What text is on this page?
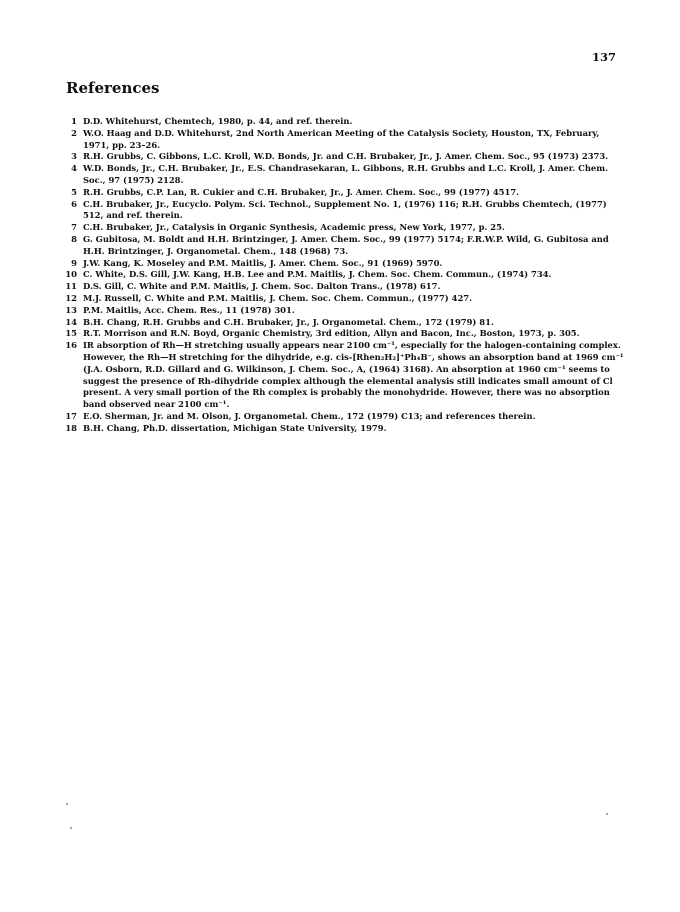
137
References
1 D.D. Whitehurst, Chemtech, 1980, p. 44, and ref. therein.
2 W.O. Haag and D.D. Whitehurst, 2nd North American Meeting of the Catalysis Society, Houston, TX, February, 1971, pp. 23–26.
3 R.H. Grubbs, C. Gibbons, L.C. Kroll, W.D. Bonds, Jr. and C.H. Brubaker, Jr., J. Amer. Chem. Soc., 95 (1973) 2373.
4 W.D. Bonds, Jr., C.H. Brubaker, Jr., E.S. Chandrasekaran, L. Gibbons, R.H. Grubbs and L.C. Kroll, J. Amer. Chem. Soc., 97 (1975) 2128.
5 R.H. Grubbs, C.P. Lan, R. Cukier and C.H. Brubaker, Jr., J. Amer. Chem. Soc., 99 (1977) 4517.
6 C.H. Brubaker, Jr., Eucyclo. Polym. Sci. Technol., Supplement No. 1, (1976) 116; R.H. Grubbs Chemtech, (1977) 512, and ref. therein.
7 C.H. Brubaker, Jr., Catalysis in Organic Synthesis, Academic press, New York, 1977, p. 25.
8 G. Gubitosa, M. Boldt and H.H. Brintzinger, J. Amer. Chem. Soc., 99 (1977) 5174; F.R.W.P. Wild, G. Gubitosa and H.H. Brintzinger, J. Organometal. Chem., 148 (1968) 73.
9 J.W. Kang, K. Moseley and P.M. Maitlis, J. Amer. Chem. Soc., 91 (1969) 5970.
10 C. White, D.S. Gill, J.W. Kang, H.B. Lee and P.M. Maitlis, J. Chem. Soc. Chem. Commun., (1974) 734.
11 D.S. Gill, C. White and P.M. Maitlis, J. Chem. Soc. Dalton Trans., (1978) 617.
12 M.J. Russell, C. White and P.M. Maitlis, J. Chem. Soc. Chem. Commun., (1977) 427.
13 P.M. Maitlis, Acc. Chem. Res., 11 (1978) 301.
14 B.H. Chang, R.H. Grubbs and C.H. Brubaker, Jr., J. Organometal. Chem., 172 (1979) 81.
15 R.T. Morrison and R.N. Boyd, Organic Chemistry, 3rd edition, Allyn and Bacon, Inc., Boston, 1973, p. 305.
16 IR absorption of Rh—H stretching usually appears near 2100 cm⁻¹, especially for the halogen-containing complex. However, the Rh—H stretching for the dihydride, e.g. cis-[Rhen₂H₂]⁺Ph₄B⁻, shows an absorption band at 1969 cm⁻¹ (J.A. Osborn, R.D. Gillard and G. Wilkinson, J. Chem. Soc., A, (1964) 3168). An absorption at 1960 cm⁻¹ seems to suggest the presence of Rh-dihydride complex although the elemental analysis still indicates small amount of Cl present. A very small portion of the Rh complex is probably the monohydride. However, there was no absorption band observed near 2100 cm⁻¹.
17 E.O. Sherman, Jr. and M. Olson, J. Organometal. Chem., 172 (1979) C13; and references therein.
18 B.H. Chang, Ph.D. dissertation, Michigan State University, 1979.
